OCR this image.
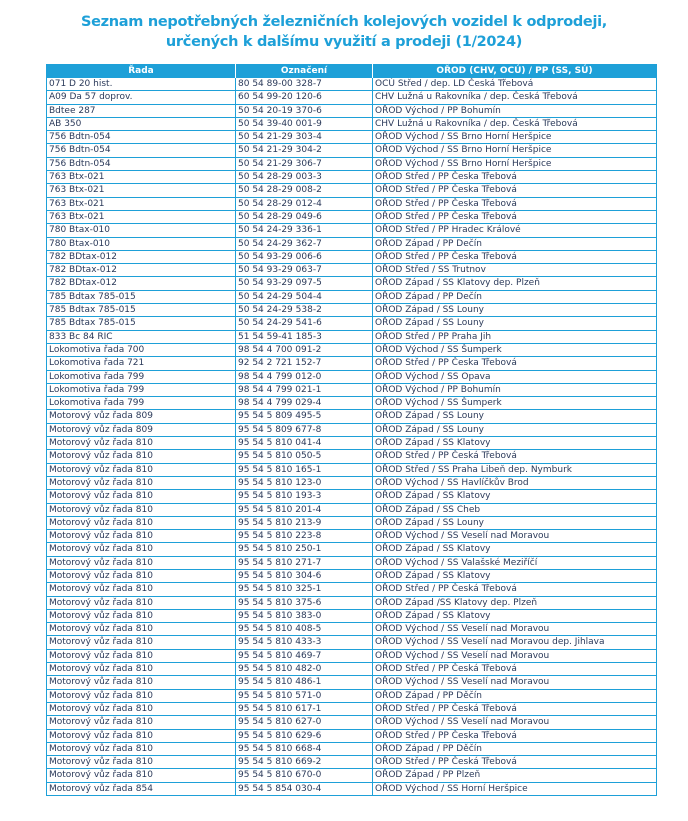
Seznam nepotřebných železničních kolejových vozidel k odprodeji,
určených k dalšímu využití a prodeji (1/2024)
Řada	Označení	OŘOD (CHV, OCÚ) / PP (SS, SÚ)
071 D 20 hist.	80 54 89-00 328-7	OCÚ Střed / dep. LD Česká Třebová
A09 Da 57 doprov.	60 54 99-20 120-6	CHV Lužná u Rakovníka / dep. Česká Třebová
Bdtee 287	50 54 20-19 370-6	OŘOD Východ / PP Bohumín
AB 350	50 54 39-40 001-9	CHV Lužná u Rakovníka / dep. Česká Třebová
756 Bdtn-054	50 54 21-29 303-4	OŘOD Východ / SS Brno Horní Heršpice
756 Bdtn-054	50 54 21-29 304-2	OŘOD Východ / SS Brno Horní Heršpice
756 Bdtn-054	50 54 21-29 306-7	OŘOD Východ / SS Brno Horní Heršpice
763 Btx-021	50 54 28-29 003-3	OŘOD Střed / PP Česka Třebová
763 Btx-021	50 54 28-29 008-2	OŘOD Střed / PP Česka Třebová
763 Btx-021	50 54 28-29 012-4	OŘOD Střed / PP Česka Třebová
763 Btx-021	50 54 28-29 049-6	OŘOD Střed / PP Česka Třebová
780 Btax-010	50 54 24-29 336-1	OŘOD Střed / PP Hradec Králové
780 Btax-010	50 54 24-29 362-7	OŘOD Západ / PP Dečín
782 BDtax-012	50 54 93-29 006-6	OŘOD Střed / PP Česka Třebová
782 BDtax-012	50 54 93-29 063-7	OŘOD Střed / SS Trutnov
782 BDtax-012	50 54 93-29 097-5	OŘOD Západ / SS Klatovy dep. Plzeň
785 Bdtax 785-015	50 54 24-29 504-4	OŘOD Západ / PP Dečín
785 Bdtax 785-015	50 54 24-29 538-2	OŘOD Západ / SS Louny
785 Bdtax 785-015	50 54 24-29 541-6	OŘOD Západ / SS Louny
833 Bc 84 RIC	51 54 59-41 185-3	OŘOD Střed / PP Praha Jih
Lokomotiva řada 700	98 54 4 700 091-2	OŘOD Východ / SS Šumperk
Lokomotiva řada 721	92 54 2 721 152-7	OŘOD Střed / PP Česka Třebová
Lokomotiva řada 799	98 54 4 799 012-0	OŘOD Východ / SS Opava
Lokomotiva řada 799	98 54 4 799 021-1	OŘOD Východ / PP Bohumín
Lokomotiva řada 799	98 54 4 799 029-4	OŘOD Východ / SS Šumperk
Motorový vůz řada 809	95 54 5 809 495-5	OŘOD Západ / SS Louny
Motorový vůz řada 809	95 54 5 809 677-8	OŘOD Západ / SS Louny
Motorový vůz řada 810	95 54 5 810 041-4	OŘOD Západ / SS Klatovy
Motorový vůz řada 810	95 54 5 810 050-5	OŘOD Střed / PP Česká Třebová
Motorový vůz řada 810	95 54 5 810 165-1	OŘOD Střed / SS Praha Libeň dep. Nymburk
Motorový vůz řada 810	95 54 5 810 123-0	OŘOD Východ / SS Havlíčkův Brod
Motorový vůz řada 810	95 54 5 810 193-3	OŘOD Západ / SS Klatovy
Motorový vůz řada 810	95 54 5 810 201-4	OŘOD Západ / SS Cheb
Motorový vůz řada 810	95 54 5 810 213-9	OŘOD Západ / SS Louny
Motorový vůz řada 810	95 54 5 810 223-8	OŘOD Východ / SS Veselí nad Moravou
Motorový vůz řada 810	95 54 5 810 250-1	OŘOD Západ / SS Klatovy
Motorový vůz řada 810	95 54 5 810 271-7	OŘOD Východ / SS Valašské Meziříčí
Motorový vůz řada 810	95 54 5 810 304-6	OŘOD Západ / SS Klatovy
Motorový vůz řada 810	95 54 5 810 325-1	OŘOD Střed / PP Česká Třebová
Motorový vůz řada 810	95 54 5 810 375-6	OŘOD Západ /SS Klatovy dep. Plzeň
Motorový vůz řada 810	95 54 5 810 383-0	OŘOD Západ / SS Klatovy
Motorový vůz řada 810	95 54 5 810 408-5	OŘOD Východ / SS Veselí nad Moravou
Motorový vůz řada 810	95 54 5 810 433-3	OŘOD Východ / SS Veselí nad Moravou dep. Jihlava
Motorový vůz řada 810	95 54 5 810 469-7	OŘOD Východ / SS Veselí nad Moravou
Motorový vůz řada 810	95 54 5 810 482-0	OŘOD Střed / PP Česká Třebová
Motorový vůz řada 810	95 54 5 810 486-1	OŘOD Východ / SS Veselí nad Moravou
Motorový vůz řada 810	95 54 5 810 571-0	OŘOD Západ / PP Děčín
Motorový vůz řada 810	95 54 5 810 617-1	OŘOD Střed / PP Česká Třebová
Motorový vůz řada 810	95 54 5 810 627-0	OŘOD Východ / SS Veselí nad Moravou
Motorový vůz řada 810	95 54 5 810 629-6	OŘOD Střed / PP Česka Třebová
Motorový vůz řada 810	95 54 5 810 668-4	OŘOD Západ / PP Děčín
Motorový vůz řada 810	95 54 5 810 669-2	OŘOD Střed / PP Česká Třebová
Motorový vůz řada 810	95 54 5 810 670-0	OŘOD Západ / PP Plzeň
Motorový vůz řada 854	95 54 5 854 030-4	OŘOD Východ / SS Horní Heršpice
